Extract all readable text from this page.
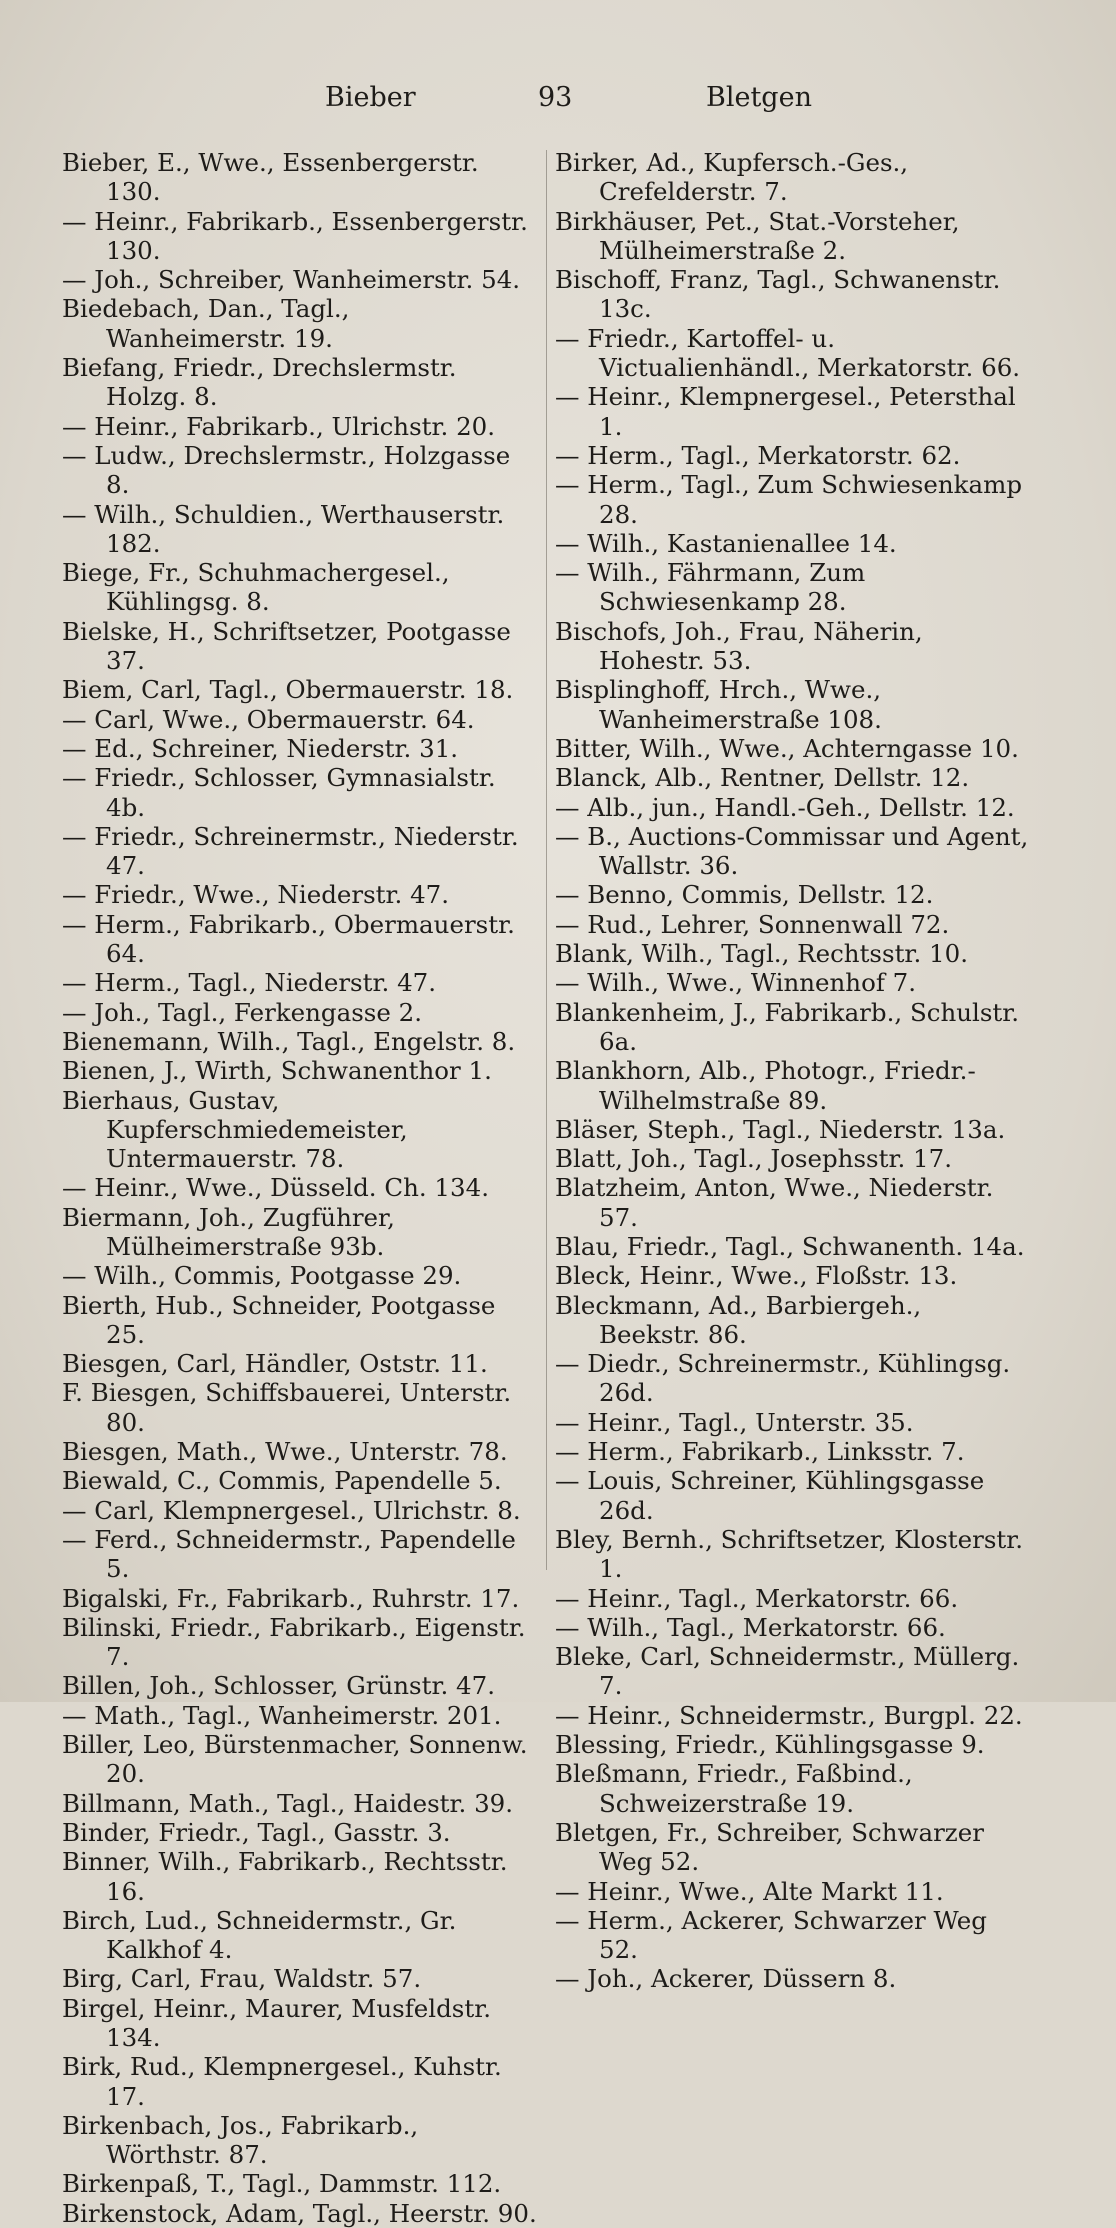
Bieber	93	Bletgen
Bieber, E., Wwe., Essenbergerstr. 130.
— Heinr., Fabrikarb., Essenbergerstr. 130.
— Joh., Schreiber, Wanheimerstr. 54.
Biedebach, Dan., Tagl., Wanheimerstr. 19.
Biefang, Friedr., Drechslermstr. Holzg. 8.
— Heinr., Fabrikarb., Ulrichstr. 20.
— Ludw., Drechslermstr., Holzgasse 8.
— Wilh., Schuldien., Werthauserstr. 182.
Biege, Fr., Schuhmachergesel., Kühlingsg. 8.
Bielske, H., Schriftsetzer, Pootgasse 37.
Biem, Carl, Tagl., Obermauerstr. 18.
— Carl, Wwe., Obermauerstr. 64.
— Ed., Schreiner, Niederstr. 31.
— Friedr., Schlosser, Gymnasialstr. 4b.
— Friedr., Schreinermstr., Niederstr. 47.
— Friedr., Wwe., Niederstr. 47.
— Herm., Fabrikarb., Obermauerstr. 64.
— Herm., Tagl., Niederstr. 47.
— Joh., Tagl., Ferkengasse 2.
Bienemann, Wilh., Tagl., Engelstr. 8.
Bienen, J., Wirth, Schwanenthor 1.
Bierhaus, Gustav, Kupferschmiedemeister, Untermauerstr. 78.
— Heinr., Wwe., Düsseld. Ch. 134.
Biermann, Joh., Zugführer, Mülheimerstraße 93b.
— Wilh., Commis, Pootgasse 29.
Bierth, Hub., Schneider, Pootgasse 25.
Biesgen, Carl, Händler, Oststr. 11.
F. Biesgen, Schiffsbauerei, Unterstr. 80.
Biesgen, Math., Wwe., Unterstr. 78.
Biewald, C., Commis, Papendelle 5.
— Carl, Klempnergesel., Ulrichstr. 8.
— Ferd., Schneidermstr., Papendelle 5.
Bigalski, Fr., Fabrikarb., Ruhrstr. 17.
Bilinski, Friedr., Fabrikarb., Eigenstr. 7.
Billen, Joh., Schlosser, Grünstr. 47.
— Math., Tagl., Wanheimerstr. 201.
Biller, Leo, Bürstenmacher, Sonnenw. 20.
Billmann, Math., Tagl., Haidestr. 39.
Binder, Friedr., Tagl., Gasstr. 3.
Binner, Wilh., Fabrikarb., Rechtsstr. 16.
Birch, Lud., Schneidermstr., Gr. Kalkhof 4.
Birg, Carl, Frau, Waldstr. 57.
Birgel, Heinr., Maurer, Musfeldstr. 134.
Birk, Rud., Klempnergesel., Kuhstr. 17.
Birkenbach, Jos., Fabrikarb., Wörthstr. 87.
Birkenpaß, T., Tagl., Dammstr. 112.
Birkenstock, Adam, Tagl., Heerstr. 90.
Birker, Ad., Kupfersch.-Ges., Crefelderstr. 7.
Birkhäuser, Pet., Stat.-Vorsteher, Mülheimerstraße 2.
Bischoff, Franz, Tagl., Schwanenstr. 13c.
— Friedr., Kartoffel- u. Victualienhändl., Merkatorstr. 66.
— Heinr., Klempnergesel., Petersthal 1.
— Herm., Tagl., Merkatorstr. 62.
— Herm., Tagl., Zum Schwiesenkamp 28.
— Wilh., Kastanienallee 14.
— Wilh., Fährmann, Zum Schwiesenkamp 28.
Bischofs, Joh., Frau, Näherin, Hohestr. 53.
Bisplinghoff, Hrch., Wwe., Wanheimerstraße 108.
Bitter, Wilh., Wwe., Achterngasse 10.
Blanck, Alb., Rentner, Dellstr. 12.
— Alb., jun., Handl.-Geh., Dellstr. 12.
— B., Auctions-Commissar und Agent, Wallstr. 36.
— Benno, Commis, Dellstr. 12.
— Rud., Lehrer, Sonnenwall 72.
Blank, Wilh., Tagl., Rechtsstr. 10.
— Wilh., Wwe., Winnenhof 7.
Blankenheim, J., Fabrikarb., Schulstr. 6a.
Blankhorn, Alb., Photogr., Friedr.-Wilhelmstraße 89.
Bläser, Steph., Tagl., Niederstr. 13a.
Blatt, Joh., Tagl., Josephsstr. 17.
Blatzheim, Anton, Wwe., Niederstr. 57.
Blau, Friedr., Tagl., Schwanenth. 14a.
Bleck, Heinr., Wwe., Floßstr. 13.
Bleckmann, Ad., Barbiergeh., Beekstr. 86.
— Diedr., Schreinermstr., Kühlingsg. 26d.
— Heinr., Tagl., Unterstr. 35.
— Herm., Fabrikarb., Linksstr. 7.
— Louis, Schreiner, Kühlingsgasse 26d.
Bley, Bernh., Schriftsetzer, Klosterstr. 1.
— Heinr., Tagl., Merkatorstr. 66.
— Wilh., Tagl., Merkatorstr. 66.
Bleke, Carl, Schneidermstr., Müllerg. 7.
— Heinr., Schneidermstr., Burgpl. 22.
Blessing, Friedr., Kühlingsgasse 9.
Bleßmann, Friedr., Faßbind., Schweizerstraße 19.
Bletgen, Fr., Schreiber, Schwarzer Weg 52.
— Heinr., Wwe., Alte Markt 11.
— Herm., Ackerer, Schwarzer Weg 52.
— Joh., Ackerer, Düssern 8.
